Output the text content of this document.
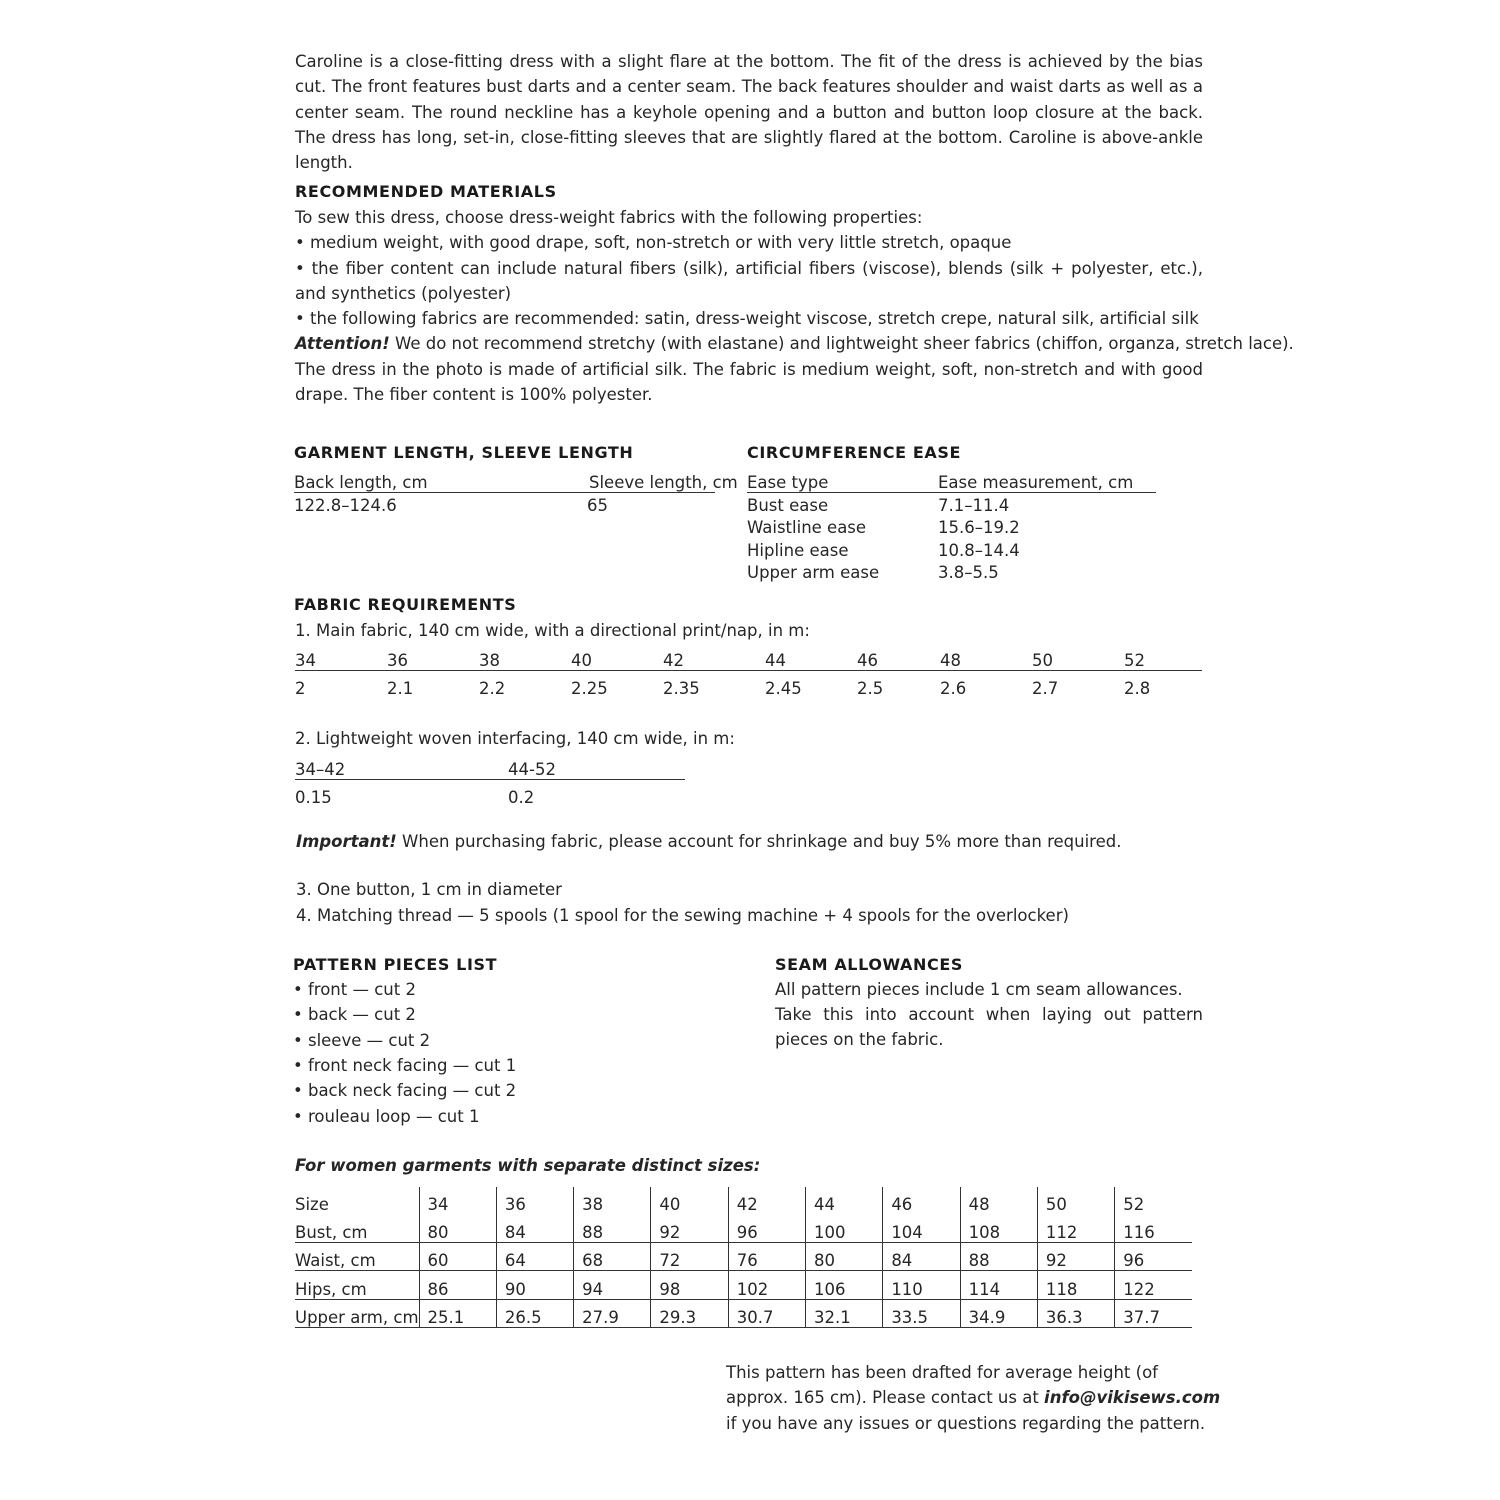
Caroline is a close-fitting dress with a slight flare at the bottom. The fit of the dress is achieved by the bias cut. The front features bust darts and a center seam. The back features shoulder and waist darts as well as a center seam. The round neckline has a keyhole opening and a button and button loop closure at the back. The dress has long, set-in, close-fitting sleeves that are slightly flared at the bottom. Caroline is above-ankle length.

RECOMMENDED MATERIALS
To sew this dress, choose dress-weight fabrics with the following properties:
• medium weight, with good drape, soft, non-stretch or with very little stretch, opaque

• the fiber content can include natural fibers (silk), artificial fibers (viscose), blends (silk + polyester, etc.), and synthetics (polyester)

• the following fabrics are recommended: satin, dress-weight viscose, stretch crepe, natural silk, artificial silk
Attention! We do not recommend stretchy (with elastane) and lightweight sheer fabrics (chiffon, organza, stretch lace).

The dress in the photo is made of artificial silk. The fabric is medium weight, soft, non-stretch and with good drape. The fiber content is 100% polyester.

GARMENT LENGTH, SLEEVE LENGTH
Back length, cm	Sleeve length, cm
122.8–124.6	65
CIRCUMFERENCE EASE
Ease type	Ease measurement, cm
Bust ease	7.1–11.4
Waistline ease	15.6–19.2
Hipline ease	10.8–14.4
Upper arm ease	3.8–5.5
FABRIC REQUIREMENTS
1. Main fabric, 140 cm wide, with a directional print/nap, in m:
34	36	38	40	42	44	46	48	50	52
2	2.1	2.2	2.25	2.35	2.45	2.5	2.6	2.7	2.8
2. Lightweight woven interfacing, 140 cm wide, in m:
34–42	44-52
0.15	0.2
Important! When purchasing fabric, please account for shrinkage and buy 5% more than required.
3. One button, 1 cm in diameter
4. Matching thread — 5 spools (1 spool for the sewing machine + 4 spools for the overlocker)
PATTERN PIECES LIST
• front — cut 2
• back — cut 2
• sleeve — cut 2
• front neck facing — cut 1
• back neck facing — cut 2
• rouleau loop — cut 1
SEAM ALLOWANCES
All pattern pieces include 1 cm seam allowances.

Take this into account when laying out pattern pieces on the fabric.

For women garments with separate distinct sizes:
Size	34	36	38	40	42	44	46	48	50	52
Bust, cm	80	84	88	92	96	100	104	108	112	116
Waist, cm	60	64	68	72	76	80	84	88	92	96
Hips, cm	86	90	94	98	102	106	110	114	118	122
Upper arm, cm	25.1	26.5	27.9	29.3	30.7	32.1	33.5	34.9	36.3	37.7
This pattern has been drafted for average height (of
approx. 165 cm). Please contact us at info@vikisews.com
if you have any issues or questions regarding the pattern.
